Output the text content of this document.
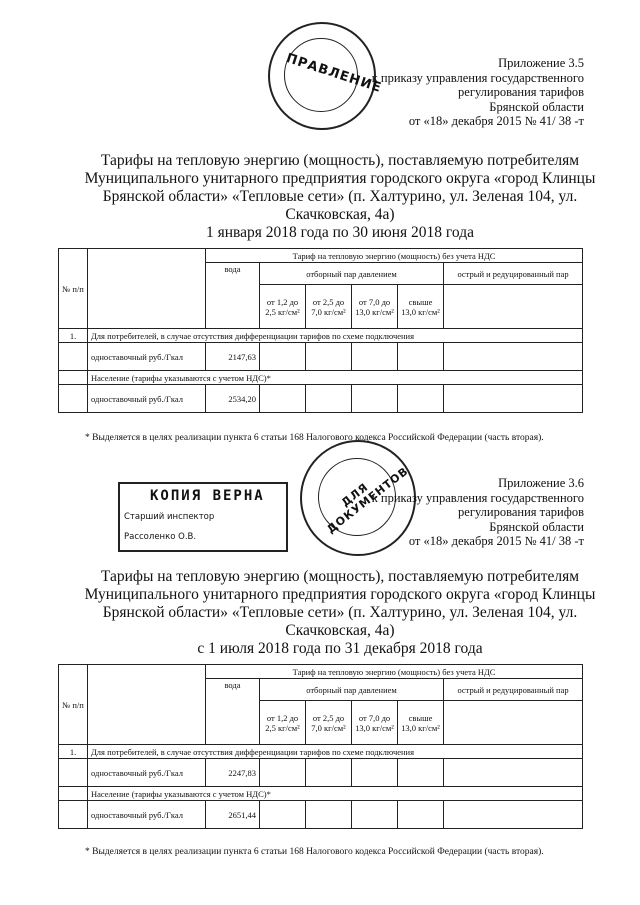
ПРАВЛЕНИЕ	Приложение 3.5
к приказу управления государственного
регулирования тарифов
Брянской области
от «18» декабря 2015 № 41/ 38 -т
Тарифы на тепловую энергию (мощность), поставляемую потребителям
Муниципального унитарного предприятия городского округа «город Клинцы
Брянской области» «Тепловые сети» (п. Халтурино, ул. Зеленая 104, ул.
Скачковская, 4а)
1 января 2018 года по 30 июня 2018 года
№ п/п		Тариф на тепловую энергию (мощность) без учета НДС					
		вода	отборный пар давлением				острый и редуцированный пар
			от 1,2 до 2,5 кг/см²	от 2,5 до 7,0 кг/см²	от 7,0 до 13,0 кг/см²	свыше 13,0 кг/см²	
1.	Для потребителей, в случае отсутствия дифференциации тарифов по схеме подключения						
	одноставочный руб./Гкал	2147,63					
	Население (тарифы указываются с учетом НДС)*						
	одноставочный руб./Гкал	2534,20					
* Выделяется в целях реализации пункта 6 статьи 168 Налогового кодекса Российской Федерации (часть вторая).
ДЛЯ ДОКУМЕНТОВ
КОПИЯ ВЕРНА
Старший инспектор
Рассоленко О.В.
Приложение 3.6
к приказу управления государственного
регулирования тарифов
Брянской области
от «18» декабря 2015 № 41/ 38 -т
Тарифы на тепловую энергию (мощность), поставляемую потребителям
Муниципального унитарного предприятия городского округа «город Клинцы
Брянской области» «Тепловые сети» (п. Халтурино, ул. Зеленая 104, ул.
Скачковская, 4а)
с 1 июля 2018 года по 31 декабря 2018 года
№ п/п		Тариф на тепловую энергию (мощность) без учета НДС					
		вода	отборный пар давлением				острый и редуцированный пар
			от 1,2 до 2,5 кг/см²	от 2,5 до 7,0 кг/см²	от 7,0 до 13,0 кг/см²	свыше 13,0 кг/см²	
1.	Для потребителей, в случае отсутствия дифференциации тарифов по схеме подключения						
	одноставочный руб./Гкал	2247,83					
	Население (тарифы указываются с учетом НДС)*						
	одноставочный руб./Гкал	2651,44					
* Выделяется в целях реализации пункта 6 статьи 168 Налогового кодекса Российской Федерации (часть вторая).
